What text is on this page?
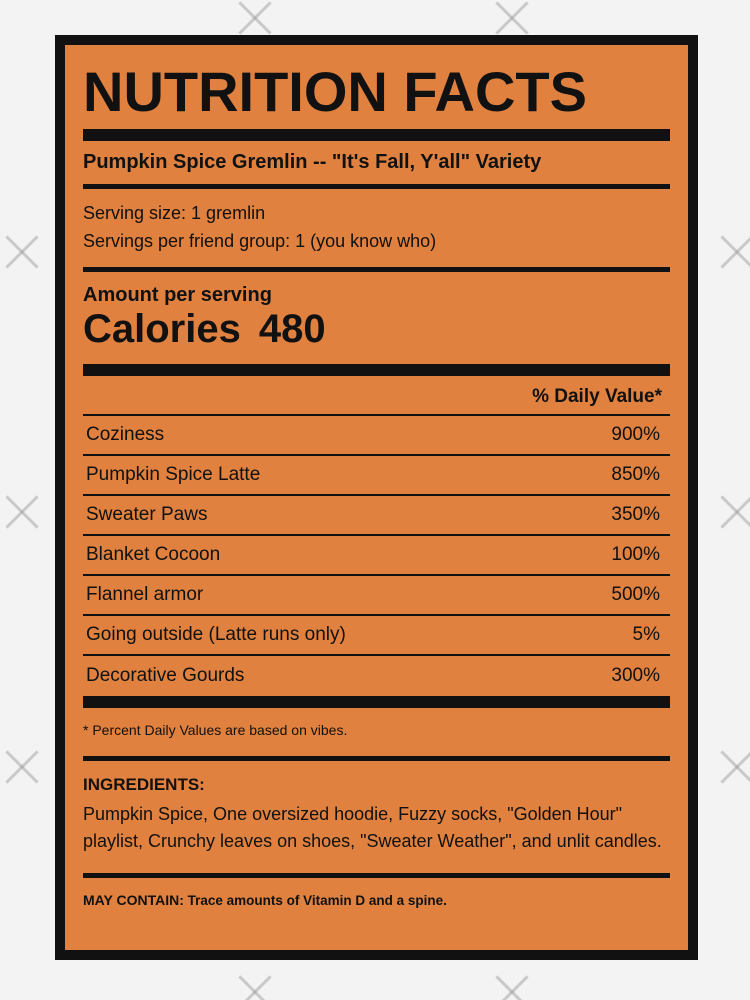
NUTRITION FACTS
Pumpkin Spice Gremlin -- "It's Fall, Y'all" Variety
Serving size: 1 gremlin
Servings per friend group: 1 (you know who)
Amount per serving
Calories 480
% Daily Value*
Coziness	900%
Pumpkin Spice Latte	850%
Sweater Paws	350%
Blanket Cocoon	100%
Flannel armor	500%
Going outside (Latte runs only)	5%
Decorative Gourds	300%
* Percent Daily Values are based on vibes.
INGREDIENTS:
Pumpkin Spice, One oversized hoodie, Fuzzy socks, "Golden Hour" playlist, Crunchy leaves on shoes, "Sweater Weather", and unlit candles.
MAY CONTAIN: Trace amounts of Vitamin D and a spine.
